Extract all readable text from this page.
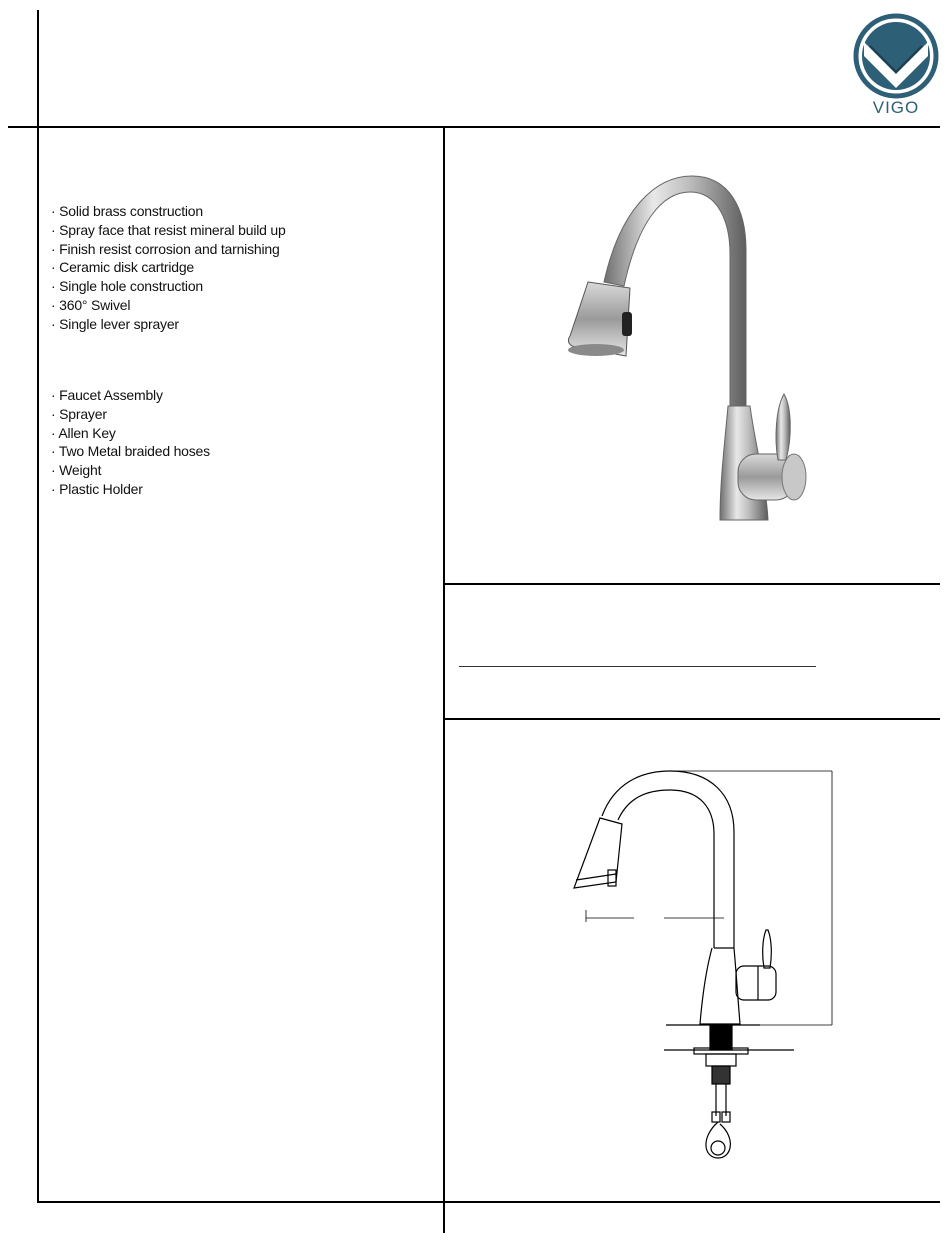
VIGO
· Solid brass construction
· Spray face that resist mineral build up
· Finish resist corrosion and tarnishing
· Ceramic disk cartridge
· Single hole construction
· 360° Swivel
· Single lever sprayer
· Faucet Assembly
· Sprayer
· Allen Key
· Two Metal braided hoses
· Weight
· Plastic Holder
